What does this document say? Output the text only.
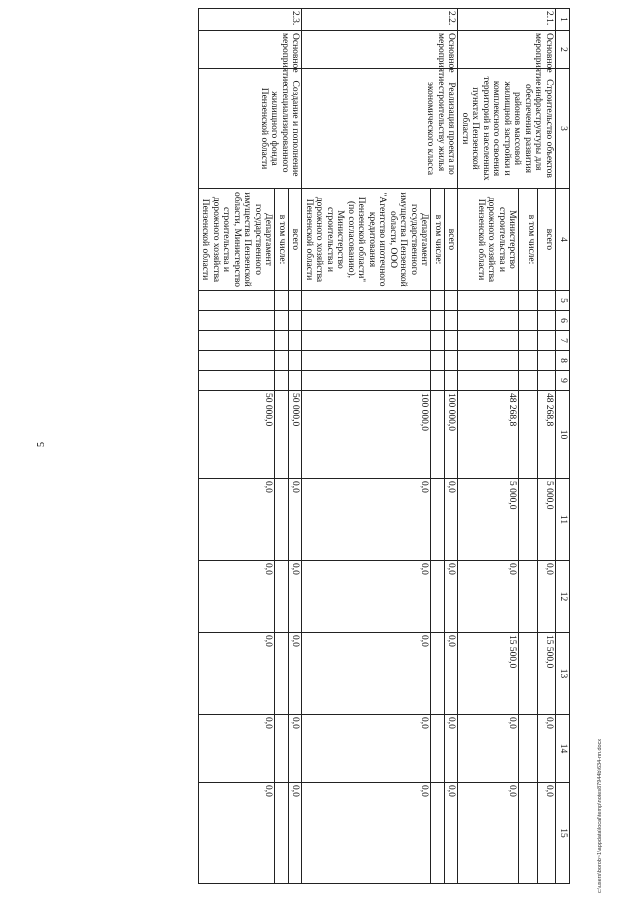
5
1	2	3	4	5	6	7	8	9	10	11	12	13	14	15
2.1.	Основное мероприятие	Строительство объектов инфраструктуры для обеспечения развития районов массовой жилищной застройки и комплексного освоения территорий в населенных пунктах Пензенской области	всего						48 268,8	5 000,0	0,0	15 500,0	0,0	0,0
			в том числе:											
			Министерство строительства и дорожного хозяйства Пензенской области						48 268,8	5 000,0	0,0	15 500,0	0,0	0,0
2.2.	Основное мероприятие	Реализация проекта по строительству жилья экономического класса	всего						100 000,0	0,0	0,0	0,0	0,0	0,0
			в том числе:											
			Департамент государственного имущества Пензенской области, ООО "Агентство ипотечного кредитования Пензенской области" (по согласованию), Министерство строительства и дорожного хозяйства Пензенской области						100 000,0	0,0	0,0	0,0	0,0	0,0
2.3.	Основное мероприятие	Создание и пополнение специализированного жилищного фонда Пензенской области	всего						50 000,0	0,0	0,0	0,0	0,0	0,0
			в том числе:											
			Департамент государственного имущества Пензенской области, Министерство строительства и дорожного хозяйства Пензенской области						50 000,0	0,0	0,0	0,0	0,0	0,0	c:\users\borob~1\appdata\local\temp\notes87944b\634-пп.docx
